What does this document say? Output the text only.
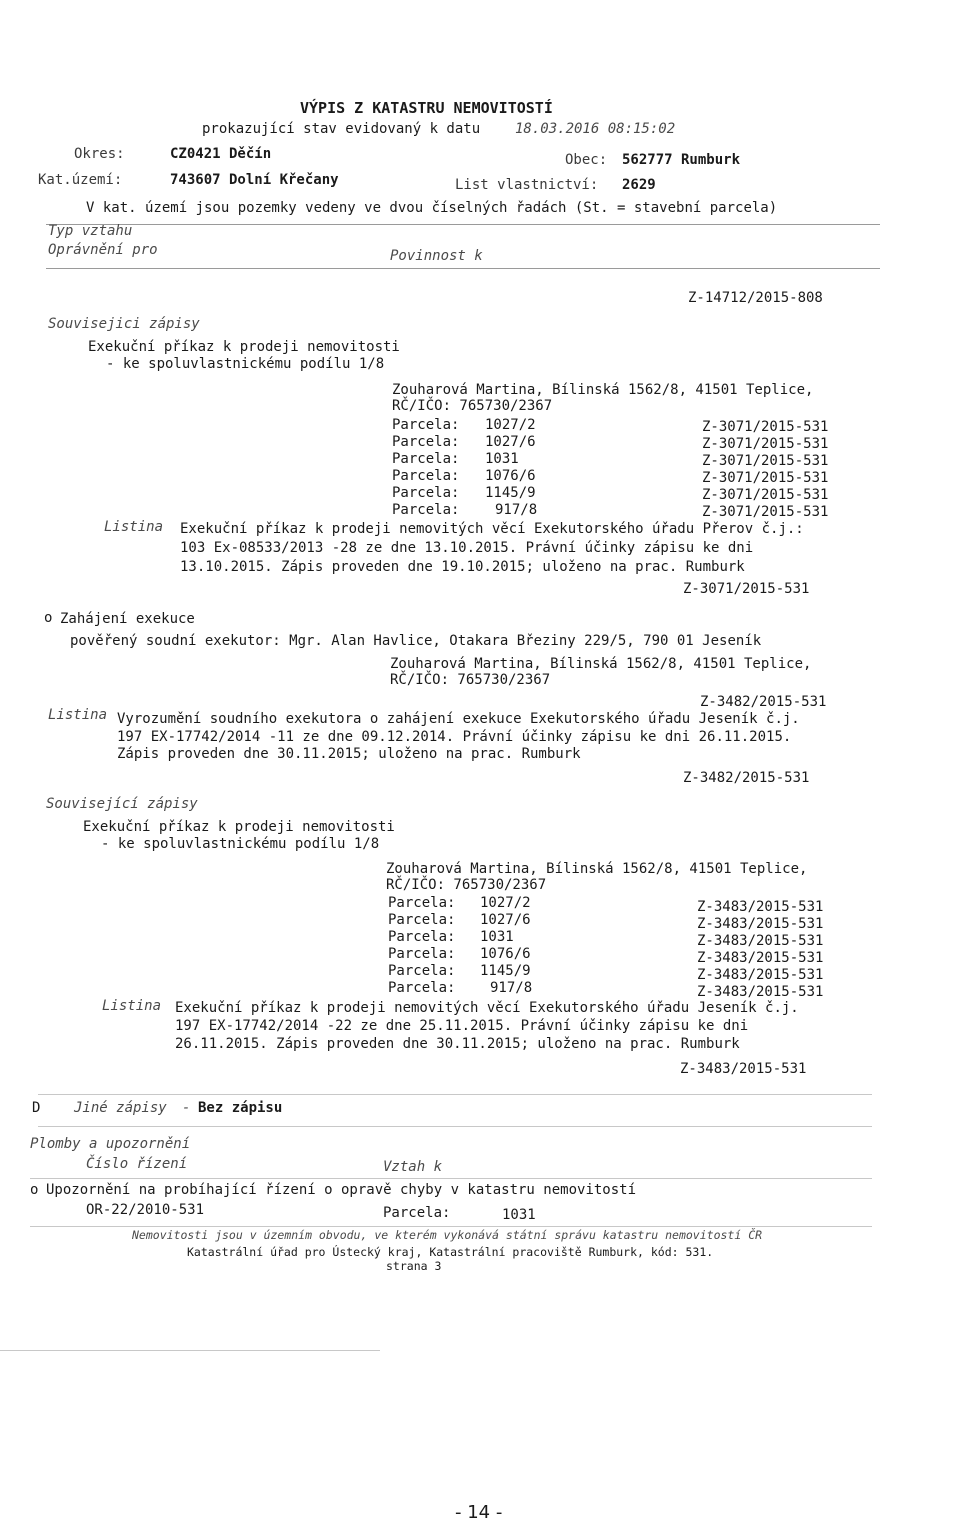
VÝPIS Z KATASTRU NEMOVITOSTÍ
prokazující stav evidovaný k datu 18.03.2016 08:15:02
Okres:	CZ0421 Děčín	Obec: 562777 Rumburk
Kat.území:	743607 Dolní Křečany	List vlastnictví: 2629
V kat. území jsou pozemky vedeny ve dvou číselných řadách (St. = stavební parcela)
Typ vztahu
Oprávnění pro	Povinnost k
Z-14712/2015-808
Souvisejici zápisy
Exekuční příkaz k prodeji nemovitosti
- ke spoluvlastnickému podílu 1/8
Zouharová Martina, Bílinská 1562/8, 41501 Teplice,
RČ/IČO: 765730/2367
Parcela: 1027/2	Z-3071/2015-531
Parcela: 1027/6	Z-3071/2015-531
Parcela: 1031	Z-3071/2015-531
Parcela: 1076/6	Z-3071/2015-531
Parcela: 1145/9	Z-3071/2015-531
Parcela:	917/8	Z-3071/2015-531
Listina Exekuční příkaz k prodeji nemovitých věcí Exekutorského úřadu Přerov č.j.:
103 Ex-08533/2013 -28 ze dne 13.10.2015. Právní účinky zápisu ke dni
13.10.2015. Zápis proveden dne 19.10.2015; uloženo na prac. Rumburk
Z-3071/2015-531
o Zahájení exekuce
pověřený soudní exekutor: Mgr. Alan Havlice, Otakara Březiny 229/5, 790 01 Jeseník
Zouharová Martina, Bílinská 1562/8, 41501 Teplice,
RČ/IČO: 765730/2367
Z-3482/2015-531
Listina Vyrozumění soudního exekutora o zahájení exekuce Exekutorského úřadu Jeseník č.j.
197 EX-17742/2014 -11 ze dne 09.12.2014. Právní účinky zápisu ke dni 26.11.2015.
Zápis proveden dne 30.11.2015; uloženo na prac. Rumburk
Z-3482/2015-531
Související zápisy
Exekuční příkaz k prodeji nemovitosti
- ke spoluvlastnickému podílu 1/8
Zouharová Martina, Bílinská 1562/8, 41501 Teplice,
RČ/IČO: 765730/2367
Parcela: 1027/2	Z-3483/2015-531
Parcela: 1027/6	Z-3483/2015-531
Parcela: 1031	Z-3483/2015-531
Parcela: 1076/6	Z-3483/2015-531
Parcela: 1145/9	Z-3483/2015-531
Parcela: 917/8	Z-3483/2015-531
Listina Exekuční příkaz k prodeji nemovitých věcí Exekutorského úřadu Jeseník č.j.
197 EX-17742/2014 -22 ze dne 25.11.2015. Právní účinky zápisu ke dni
26.11.2015. Zápis proveden dne 30.11.2015; uloženo na prac. Rumburk
Z-3483/2015-531
D Jiné zápisy - Bez zápisu
Plomby a upozornění
Číslo řízení	Vztah k
o Upozornění na probíhající řízení o opravě chyby v katastru nemovitostí
OR-22/2010-531	Parcela:	1031
Nemovitosti jsou v územním obvodu, ve kterém vykonává státní správu katastru nemovitostí ČR
Katastrální úřad pro Ústecký kraj, Katastrální pracoviště Rumburk, kód: 531.
strana 3
- 14 -
